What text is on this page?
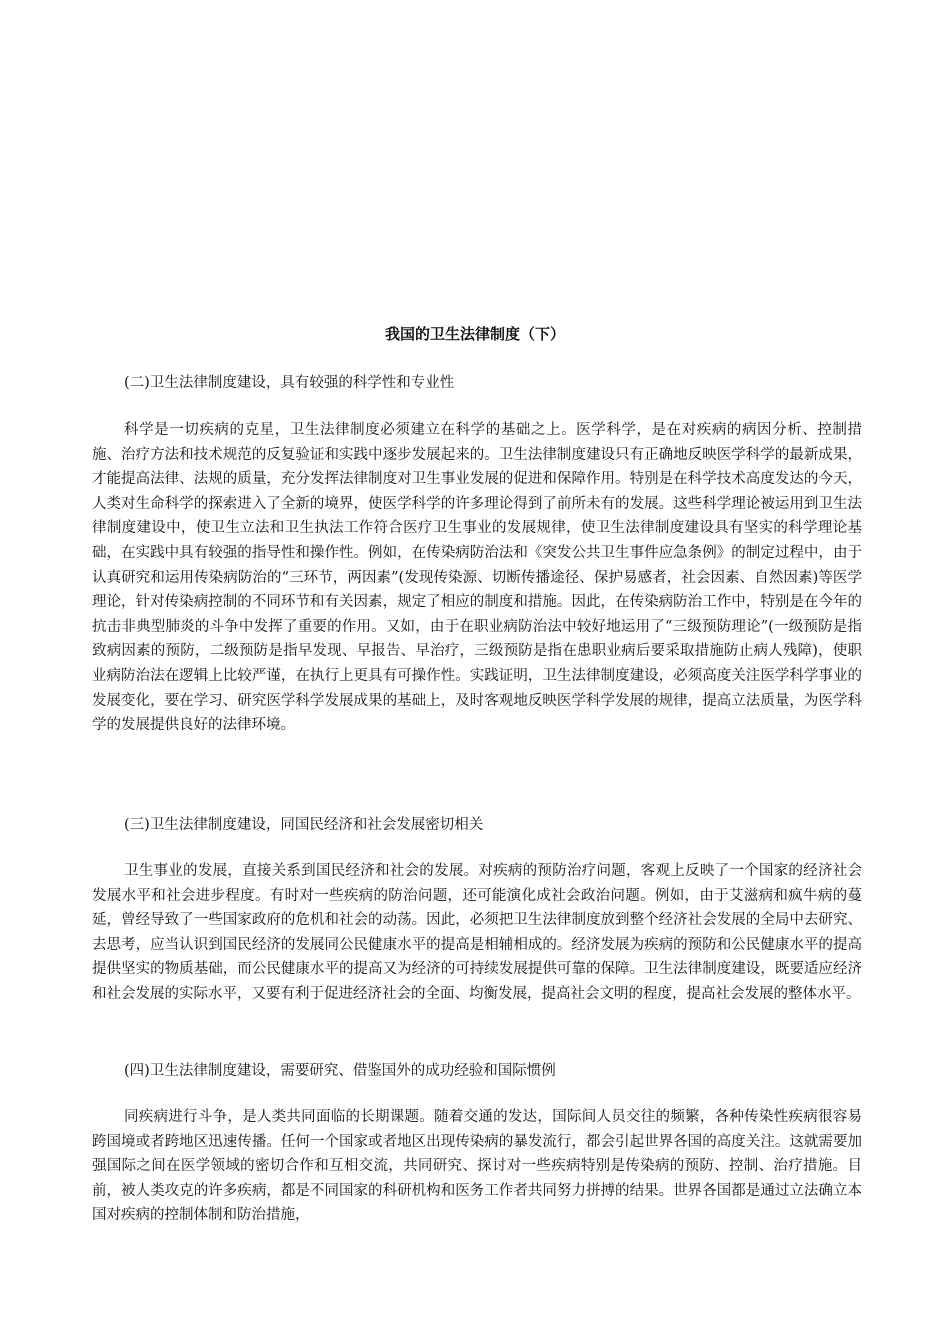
我国的卫生法律制度（下）

(二)卫生法律制度建设，具有较强的科学性和专业性

科学是一切疾病的克星，卫生法律制度必须建立在科学的基础之上。医学科学，是在对疾病的病因分析、控制措施、治疗方法和技术规范的反复验证和实践中逐步发展起来的。卫生法律制度建设只有正确地反映医学科学的最新成果，才能提高法律、法规的质量，充分发挥法律制度对卫生事业发展的促进和保障作用。特别是在科学技术高度发达的今天，人类对生命科学的探索进入了全新的境界，使医学科学的许多理论得到了前所未有的发展。这些科学理论被运用到卫生法律制度建设中，使卫生立法和卫生执法工作符合医疗卫生事业的发展规律，使卫生法律制度建设具有坚实的科学理论基础，在实践中具有较强的指导性和操作性。例如，在传染病防治法和《突发公共卫生事件应急条例》的制定过程中，由于认真研究和运用传染病防治的“三环节，两因素”(发现传染源、切断传播途径、保护易感者，社会因素、自然因素)等医学理论，针对传染病控制的不同环节和有关因素，规定了相应的制度和措施。因此，在传染病防治工作中，特别是在今年的抗击非典型肺炎的斗争中发挥了重要的作用。又如，由于在职业病防治法中较好地运用了“三级预防理论”(一级预防是指致病因素的预防，二级预防是指早发现、早报告、早治疗，三级预防是指在患职业病后要采取措施防止病人残障)，使职业病防治法在逻辑上比较严谨，在执行上更具有可操作性。实践证明，卫生法律制度建设，必须高度关注医学科学事业的发展变化，要在学习、研究医学科学发展成果的基础上，及时客观地反映医学科学发展的规律，提高立法质量，为医学科学的发展提供良好的法律环境。

(三)卫生法律制度建设，同国民经济和社会发展密切相关

卫生事业的发展，直接关系到国民经济和社会的发展。对疾病的预防治疗问题，客观上反映了一个国家的经济社会发展水平和社会进步程度。有时对一些疾病的防治问题，还可能演化成社会政治问题。例如，由于艾滋病和疯牛病的蔓延，曾经导致了一些国家政府的危机和社会的动荡。因此，必须把卫生法律制度放到整个经济社会发展的全局中去研究、去思考，应当认识到国民经济的发展同公民健康水平的提高是相辅相成的。经济发展为疾病的预防和公民健康水平的提高提供坚实的物质基础，而公民健康水平的提高又为经济的可持续发展提供可靠的保障。卫生法律制度建设，既要适应经济和社会发展的实际水平，又要有利于促进经济社会的全面、均衡发展，提高社会文明的程度，提高社会发展的整体水平。

(四)卫生法律制度建设，需要研究、借鉴国外的成功经验和国际惯例

同疾病进行斗争，是人类共同面临的长期课题。随着交通的发达，国际间人员交往的频繁，各种传染性疾病很容易跨国境或者跨地区迅速传播。任何一个国家或者地区出现传染病的暴发流行，都会引起世界各国的高度关注。这就需要加强国际之间在医学领域的密切合作和互相交流，共同研究、探讨对一些疾病特别是传染病的预防、控制、治疗措施。目前，被人类攻克的许多疾病，都是不同国家的科研机构和医务工作者共同努力拼搏的结果。世界各国都是通过立法确立本国对疾病的控制体制和防治措施，
